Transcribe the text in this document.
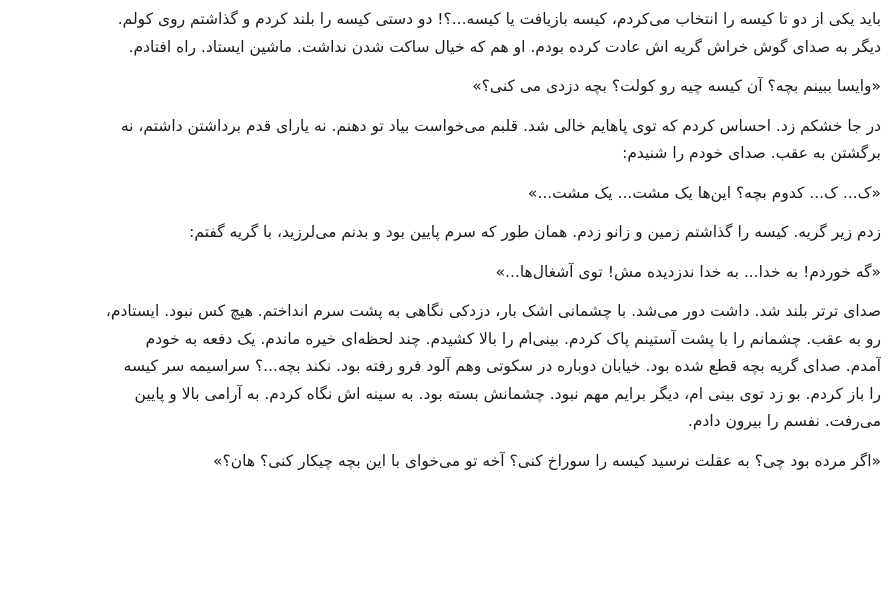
باید یکی از دو تا کیسه را انتخاب می‌کردم، کیسه بازیافت یا کیسه...؟! دو دستی کیسه را بلند کردم و گذاشتم روی کولم.
دیگر به صدای گوش خراش گریه اش عادت کرده بودم. او هم که خیال ساکت شدن نداشت. ماشین ایستاد. راه افتادم.
«وایسا ببینم بچه؟ آن کیسه چیه رو کولت؟ بچه دزدی می کنی؟»
در جا خشکم زد. احساس کردم که توی پاهایم خالی شد. قلبم می‌خواست بیاد تو دهنم. نه یارای قدم برداشتن داشتم، نه
برگشتن به عقب. صدای خودم را شنیدم:
«ک... ک... کدوم بچه؟ این‌ها یک مشت... یک مشت...»
زدم زیر گریه. کیسه را گذاشتم زمین و زانو زدم. همان طور که سرم پایین بود و بدنم می‌لرزید، با گریه گفتم:
«گه خوردم! به خدا... به خدا ندزدیده مش! توی آشغال‌ها...»
صدای ترتر بلند شد. داشت دور می‌شد. با چشمانی اشک بار، دزدکی نگاهی به پشت سرم انداختم. هیچ کس نبود. ایستادم،
رو به عقب. چشمانم را با پشت آستینم پاک کردم. بینی‌ام را بالا کشیدم. چند لحظه‌ای خیره ماندم. یک دفعه به خودم
آمدم. صدای گریه بچه قطع شده بود. خیابان دوباره در سکوتی وهم آلود فرو رفته بود. نکند بچه...؟ سراسیمه سر کیسه
را باز کردم. بو زد توی بینی ام، دیگر برایم مهم نبود. چشمانش بسته بود. به سینه اش نگاه کردم. به آرامی بالا و پایین
می‌رفت. نفسم را بیرون دادم.
«اگر مرده بود چی؟ به عقلت نرسید کیسه را سوراخ کنی؟ آخه تو می‌خوای با این بچه چیکار کنی؟ هان؟»
